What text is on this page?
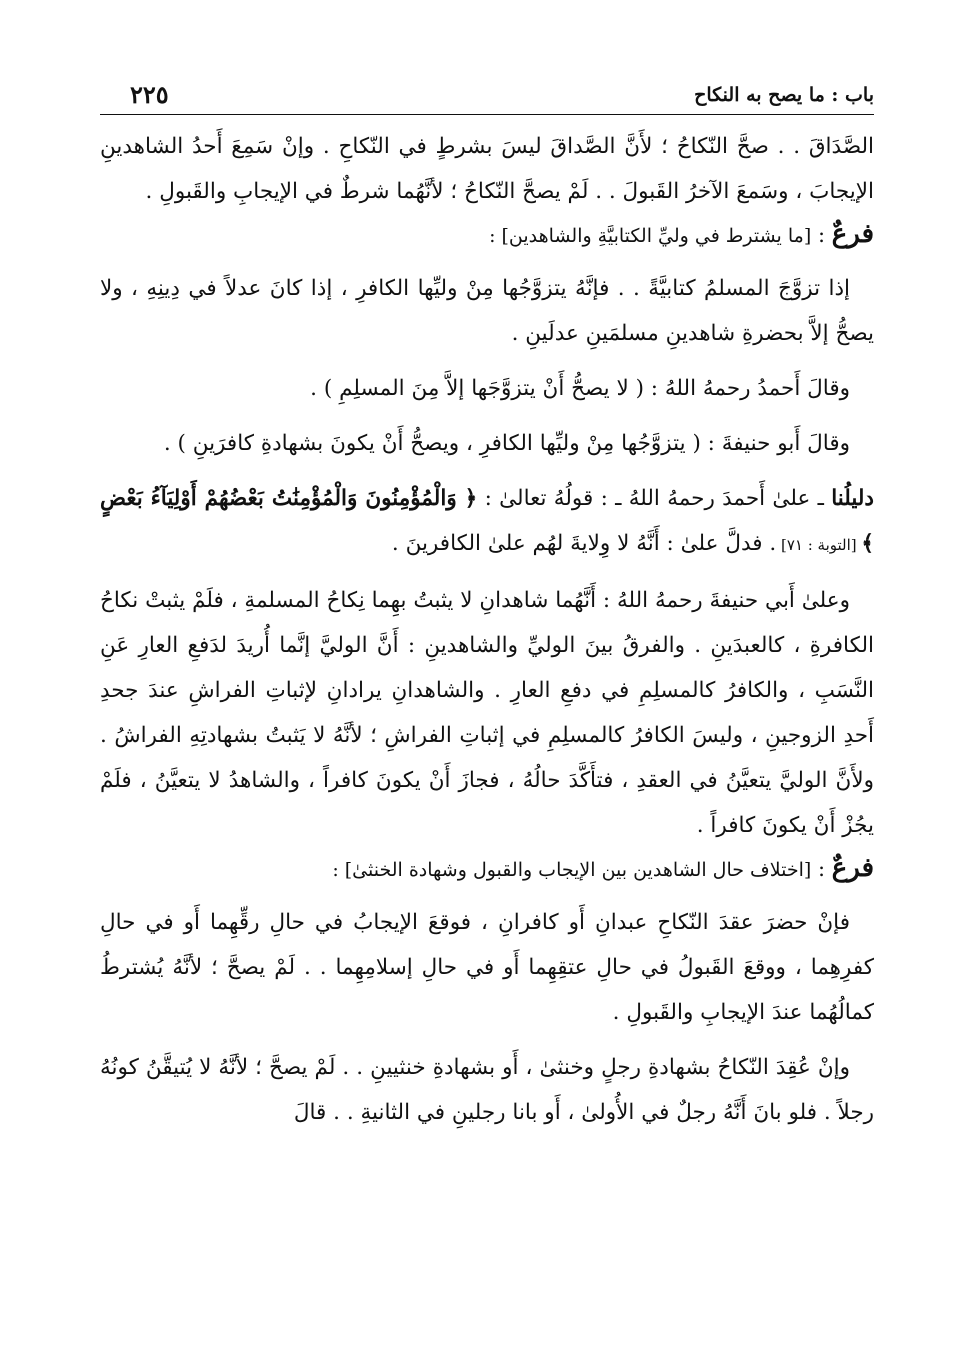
باب : ما يصح به النكاح
٢٢٥

الصَّدَاقَ . . صحَّ النّكاحُ ؛ لأَنَّ الصَّداقَ ليسَ بشرطٍ في النّكاحِ . وإنْ سَمِعَ أَحدُ الشاهدينِ الإيجابَ ، وسَمعَ الآخرُ القَبولَ . . لَمْ يصحَّ النّكاحُ ؛ لأنَّهُما شرطٌ في الإيجابِ والقَبولِ .

فرعٌ : [ما يشترط في وليِّ الكتابيَّةِ والشاهدين] :

إذا تزوَّجَ المسلمُ كتابيَّةً . . فإنَّهُ يتزوَّجُها مِنْ وليِّها الكافرِ ، إذا كانَ عدلاً في دِينِهِ ، ولا يصحُّ إلاَّ بحضرةِ شاهدينِ مسلمَينِ عدلَينِ .

وقالَ أَحمدُ رحمهُ اللهُ : ( لا يصحُّ أَنْ يتزوَّجَها إلاَّ مِنَ المسلِمِ ) .

وقالَ أَبو حنيفةَ : ( يتزوَّجُها مِنْ وليِّها الكافرِ ، ويصحُّ أَنْ يكونَ بشهادةِ كافرَينِ ) .

دليلُنا ـ علىٰ أَحمدَ رحمهُ اللهُ ـ : قولُهُ تعالىٰ : ﴿ وَالْمُؤْمِنُونَ وَالْمُؤْمِنَٰتُ بَعْضُهُمْ أَوْلِيَآءُ بَعْضٍ ﴾ [التوبة : ٧١] . فدلَّ علىٰ : أَنَّهُ لا وِلايةَ لهُم علىٰ الكافرينَ .

وعلىٰ أَبي حنيفةَ رحمهُ اللهُ : أَنَّهُما شاهدانِ لا يثبتُ بهِما نِكاحُ المسلمةِ ، فلَمْ يثبتْ نكاحُ الكافرةِ ، كالعبدَينِ . والفرقُ بينَ الوليِّ والشاهدينِ : أَنَّ الوليَّ إنَّما أُريدَ لدَفعِ العارِ عَنِ النَّسَبِ ، والكافرُ كالمسلِمِ في دفعِ العارِ . والشاهدانِ يرادانِ لإثباتِ الفراشِ عندَ جحدِ أَحدِ الزوجينِ ، وليسَ الكافرُ كالمسلِمِ في إثباتِ الفراشِ ؛ لأنَّهُ لا يَثبتُ بشهادتِهِ الفراشُ . ولأَنَّ الوليَّ يتعيَّنُ في العقدِ ، فتأَكَّدَ حالُهُ ، فجازَ أَنْ يكونَ كافراً ، والشاهدُ لا يتعيَّنُ ، فلَمْ يجُزْ أَنْ يكونَ كافراً .

فرعٌ : [اختلاف حال الشاهدين بين الإيجاب والقبول وشهادة الخنثىٰ] :

فإنْ حضرَ عقدَ النّكاحِ عبدانِ أَو كافرانِ ، فوقعَ الإيجابُ في حالِ رقِّهِما أَو في حالِ كفرِهِما ، ووقعَ القَبولُ في حالِ عتقِهِما أَو في حالِ إسلامِهِما . . لَمْ يصحَّ ؛ لأنَّهُ يُشترطُ كمالُهُما عندَ الإيجابِ والقَبولِ .

وإنْ عُقِدَ النّكاحُ بشهادةِ رجلٍ وخنثىٰ ، أَو بشهادةِ خنثيينِ . . لَمْ يصحَّ ؛ لأنَّهُ لا يُتيقَّنُ كونُهُ رجلاً . فلو بانَ أَنَّهُ رجلٌ في الأُولىٰ ، أَو بانا رجلينِ في الثانيةِ . . قالَ
